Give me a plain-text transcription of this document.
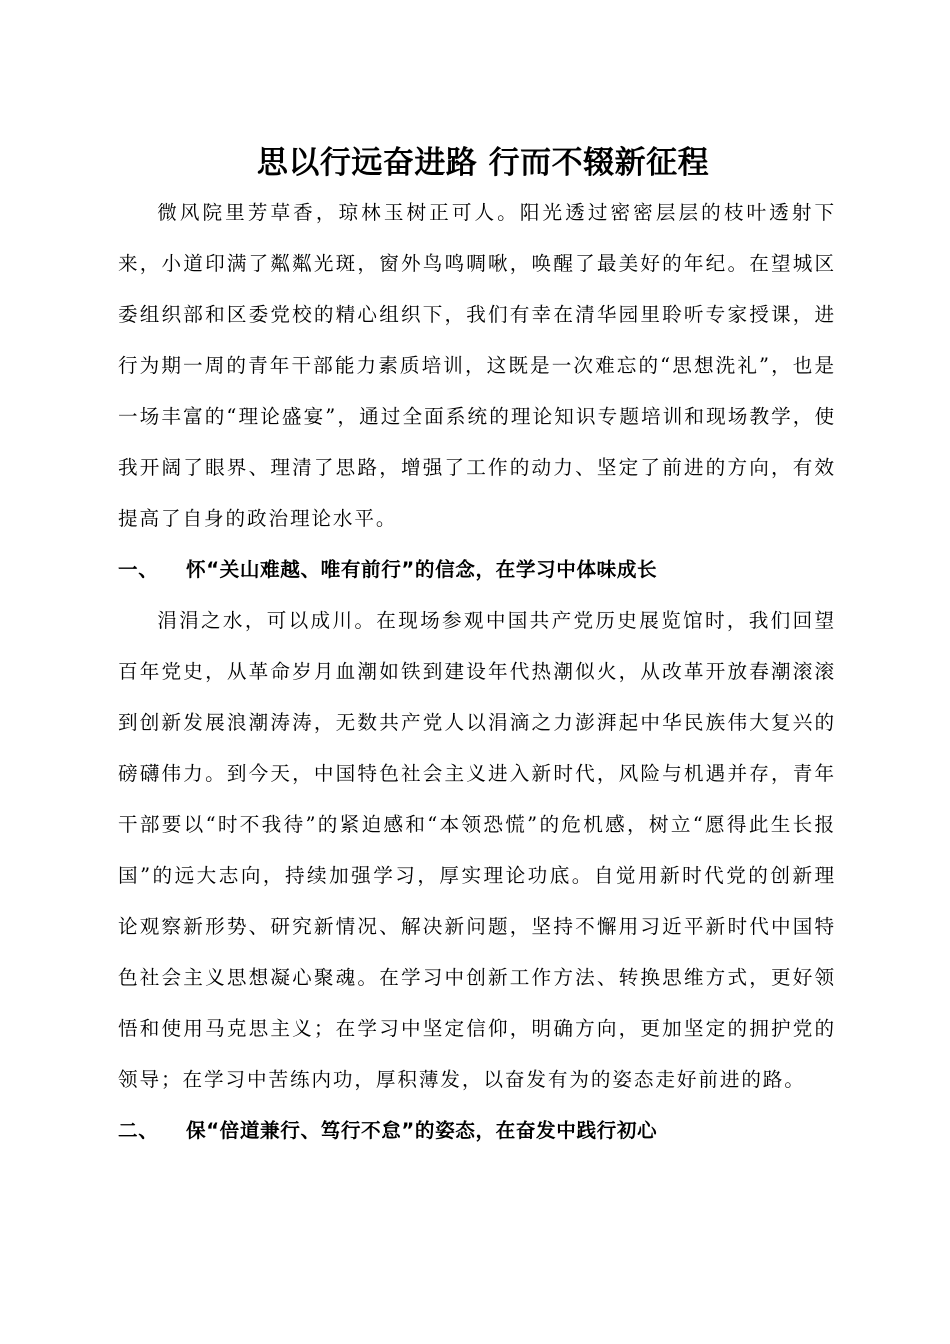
思以行远奋进路 行而不辍新征程

微风院里芳草香，琼林玉树正可人。阳光透过密密层层的枝叶透射下来，小道印满了粼粼光斑，窗外鸟鸣啁啾，唤醒了最美好的年纪。在望城区委组织部和区委党校的精心组织下，我们有幸在清华园里聆听专家授课，进行为期一周的青年干部能力素质培训，这既是一次难忘的“思想洗礼”，也是一场丰富的“理论盛宴”，通过全面系统的理论知识专题培训和现场教学，使我开阔了眼界、理清了思路，增强了工作的动力、坚定了前进的方向，有效提高了自身的政治理论水平。

一、	怀“关山难越、唯有前行”的信念，在学习中体味成长

涓涓之水，可以成川。在现场参观中国共产党历史展览馆时，我们回望百年党史，从革命岁月血潮如铁到建设年代热潮似火，从改革开放春潮滚滚到创新发展浪潮涛涛，无数共产党人以涓滴之力澎湃起中华民族伟大复兴的磅礴伟力。到今天，中国特色社会主义进入新时代，风险与机遇并存，青年干部要以“时不我待”的紧迫感和“本领恐慌”的危机感，树立“愿得此生长报国”的远大志向，持续加强学习，厚实理论功底。自觉用新时代党的创新理论观察新形势、研究新情况、解决新问题，坚持不懈用习近平新时代中国特色社会主义思想凝心聚魂。在学习中创新工作方法、转换思维方式，更好领悟和使用马克思主义；在学习中坚定信仰，明确方向，更加坚定的拥护党的领导；在学习中苦练内功，厚积薄发，以奋发有为的姿态走好前进的路。

二、	保“倍道兼行、笃行不怠”的姿态，在奋发中践行初心
